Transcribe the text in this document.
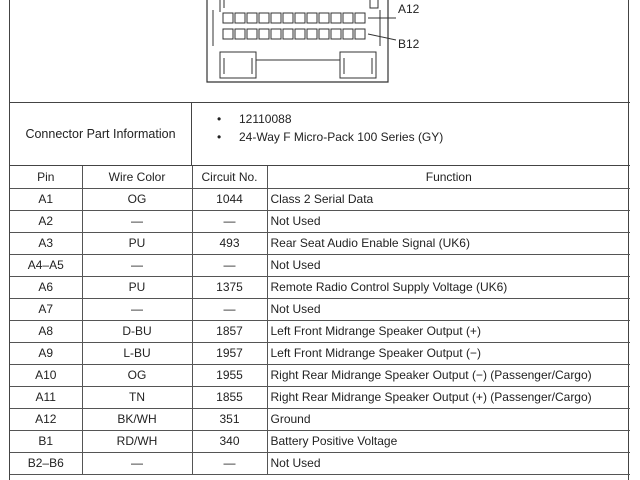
A12
B12
Connector Part Information
• 12110088
• 24-Way F Micro-Pack 100 Series (GY)
Pin	Wire Color	Circuit No.	Function
A1	OG	1044	Class 2 Serial Data
A2	—	—	Not Used
A3	PU	493	Rear Seat Audio Enable Signal (UK6)
A4–A5	—	—	Not Used
A6	PU	1375	Remote Radio Control Supply Voltage (UK6)
A7	—	—	Not Used
A8	D-BU	1857	Left Front Midrange Speaker Output (+)
A9	L-BU	1957	Left Front Midrange Speaker Output (−)
A10	OG	1955	Right Rear Midrange Speaker Output (−) (Passenger/Cargo)
A11	TN	1855	Right Rear Midrange Speaker Output (+) (Passenger/Cargo)
A12	BK/WH	351	Ground
B1	RD/WH	340	Battery Positive Voltage
B2–B6	—	—	Not Used
